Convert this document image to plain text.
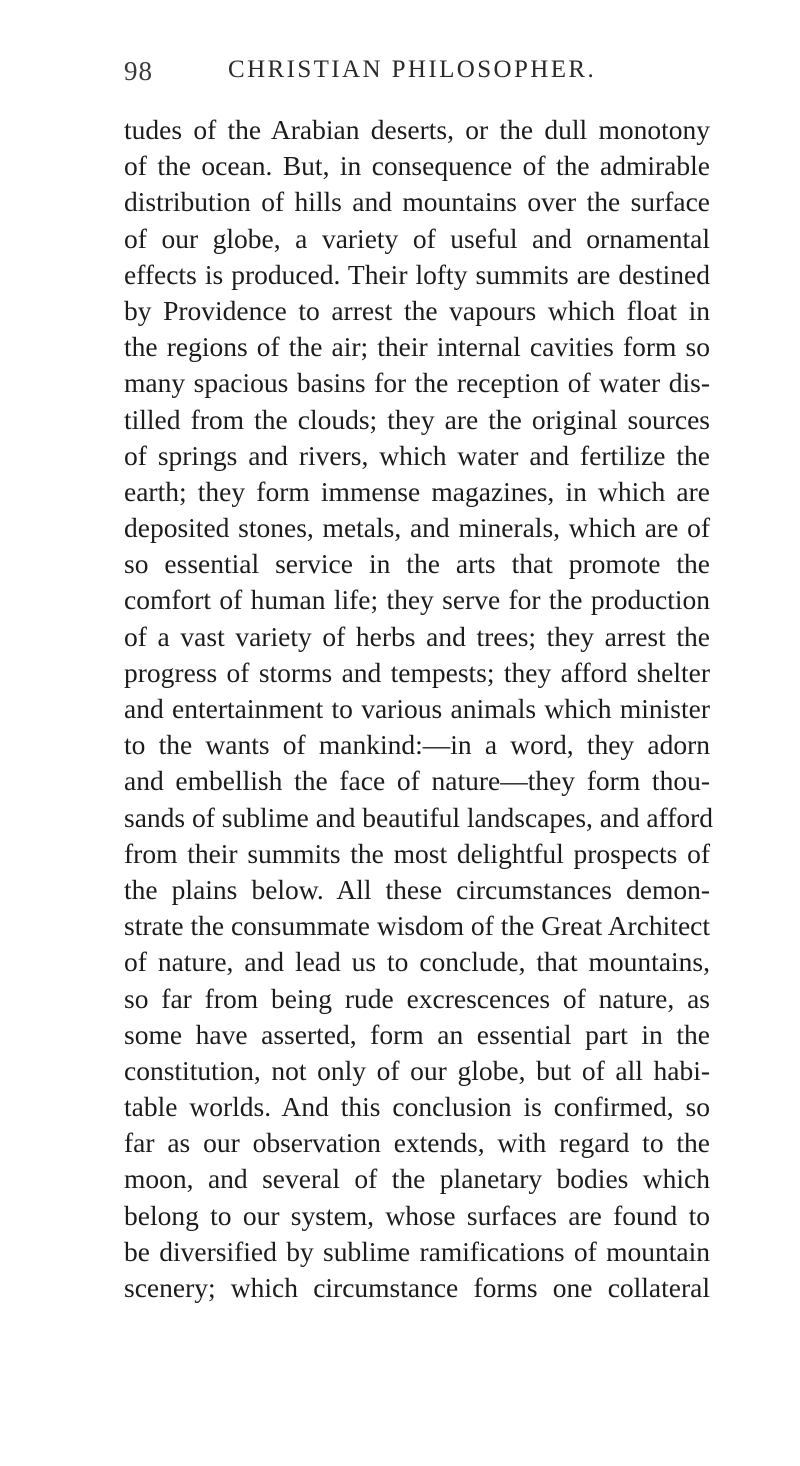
98	CHRISTIAN PHILOSOPHER.
tudes of the Arabian deserts, or the dull monotony
of the ocean. But, in consequence of the admirable
distribution of hills and mountains over the surface
of our globe, a variety of useful and ornamental
effects is produced. Their lofty summits are destined
by Providence to arrest the vapours which float in
the regions of the air; their internal cavities form so
many spacious basins for the reception of water dis-
tilled from the clouds; they are the original sources
of springs and rivers, which water and fertilize the
earth; they form immense magazines, in which are
deposited stones, metals, and minerals, which are of
so essential service in the arts that promote the
comfort of human life; they serve for the production
of a vast variety of herbs and trees; they arrest the
progress of storms and tempests; they afford shelter
and entertainment to various animals which minister
to the wants of mankind:—in a word, they adorn
and embellish the face of nature—they form thou-
sands of sublime and beautiful landscapes, and afford
from their summits the most delightful prospects of
the plains below. All these circumstances demon-
strate the consummate wisdom of the Great Architect
of nature, and lead us to conclude, that mountains,
so far from being rude excrescences of nature, as
some have asserted, form an essential part in the
constitution, not only of our globe, but of all habi-
table worlds. And this conclusion is confirmed, so
far as our observation extends, with regard to the
moon, and several of the planetary bodies which
belong to our system, whose surfaces are found to
be diversified by sublime ramifications of mountain
scenery; which circumstance forms one collateral
